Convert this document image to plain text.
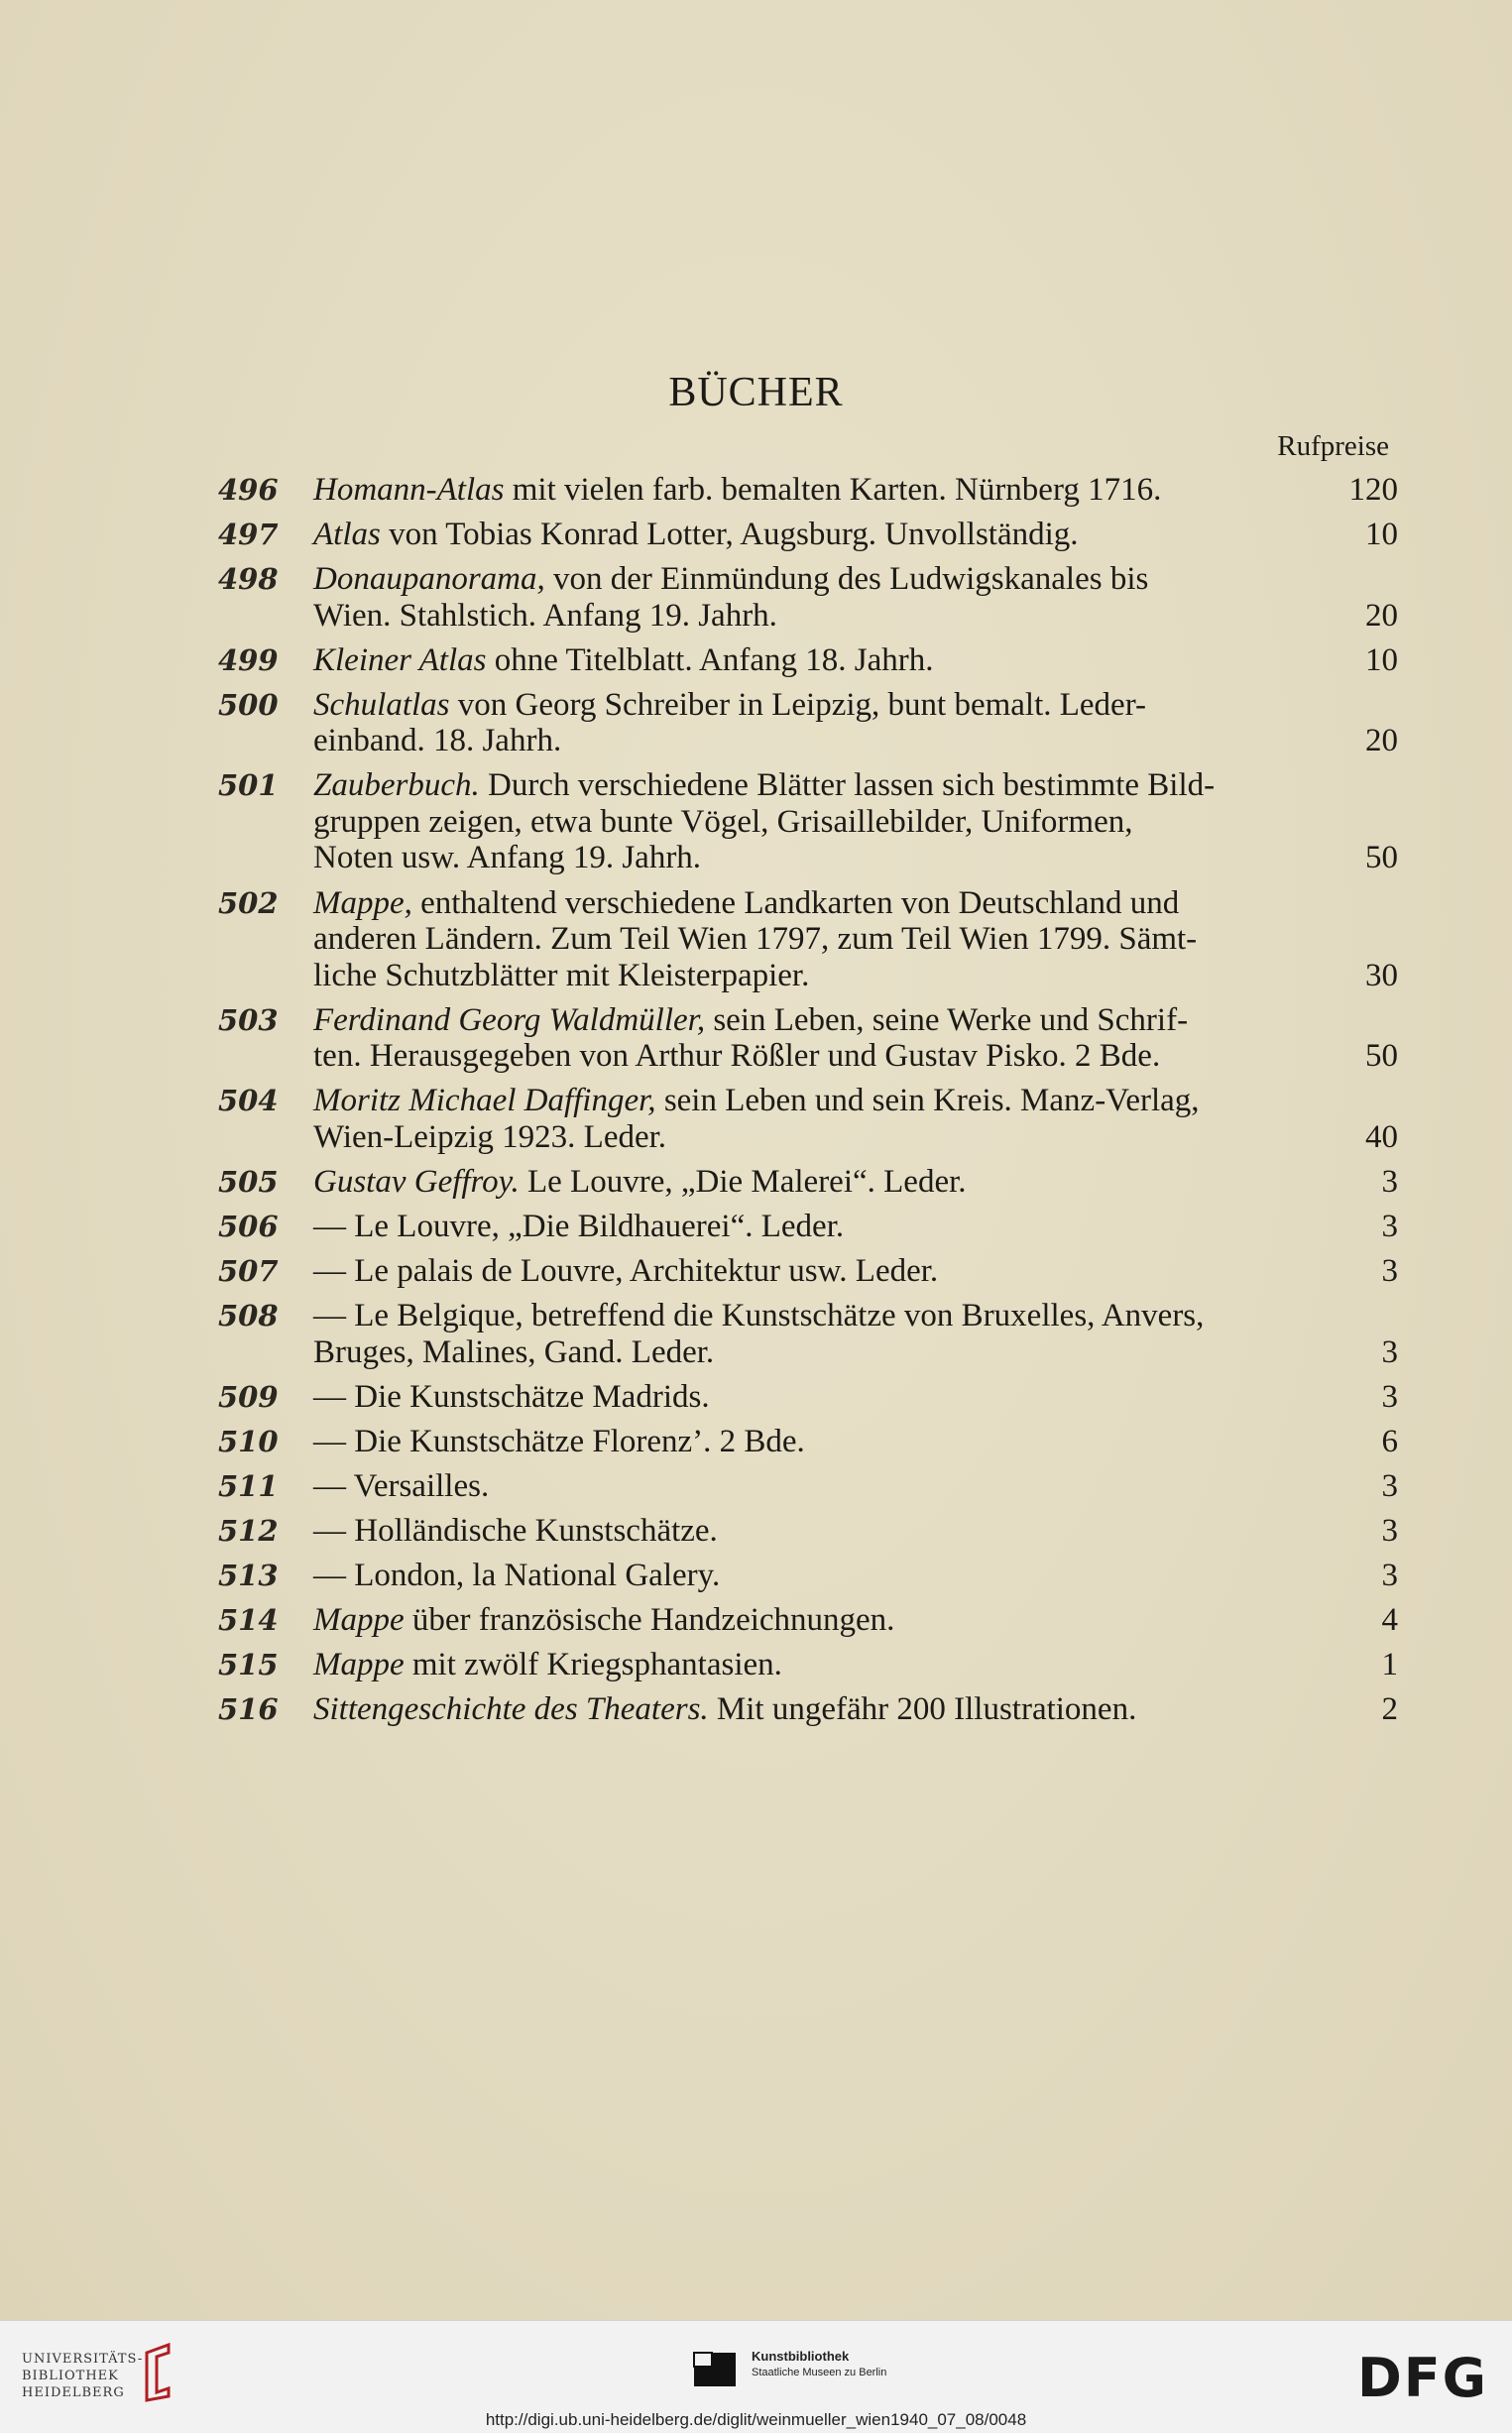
BÜCHER
Rufpreise
496 Homann-Atlas mit vielen farb. bemalten Karten. Nürnberg 1716.	120
497 Atlas von Tobias Konrad Lotter, Augsburg. Unvollständig.	10
498 Donaupanorama, von der Einmündung des Ludwigskanales bis
Wien. Stahlstich. Anfang 19. Jahrh.	20
499 Kleiner Atlas ohne Titelblatt. Anfang 18. Jahrh.	10
500 Schulatlas von Georg Schreiber in Leipzig, bunt bemalt. Leder-
einband. 18. Jahrh.	20
501 Zauberbuch. Durch verschiedene Blätter lassen sich bestimmte Bild-
gruppen zeigen, etwa bunte Vögel, Grisaillebilder, Uniformen,
Noten usw. Anfang 19. Jahrh.	50
502 Mappe, enthaltend verschiedene Landkarten von Deutschland und
anderen Ländern. Zum Teil Wien 1797, zum Teil Wien 1799. Sämt-
liche Schutzblätter mit Kleisterpapier.	30
503 Ferdinand Georg Waldmüller, sein Leben, seine Werke und Schrif-
ten. Herausgegeben von Arthur Rößler und Gustav Pisko. 2 Bde.	50
504 Moritz Michael Daffinger, sein Leben und sein Kreis. Manz-Verlag,
Wien-Leipzig 1923. Leder.	40
505 Gustav Geffroy. Le Louvre, „Die Malerei“. Leder.	3
506 — Le Louvre, „Die Bildhauerei“. Leder.	3
507 — Le palais de Louvre, Architektur usw. Leder.	3
508 — Le Belgique, betreffend die Kunstschätze von Bruxelles, Anvers,
Bruges, Malines, Gand. Leder.	3
509 — Die Kunstschätze Madrids.	3
510 — Die Kunstschätze Florenz’. 2 Bde.	6
511 — Versailles.	3
512 — Holländische Kunstschätze.	3
513 — London, la National Galery.	3
514 Mappe über französische Handzeichnungen.	4
515 Mappe mit zwölf Kriegsphantasien.	1
516 Sittengeschichte des Theaters. Mit ungefähr 200 Illustrationen.	2
UNIVERSITÄTS-
BIBLIOTHEK
HEIDELBERG
Kunstbibliothek
Staatliche Museen zu Berlin	DFG
http://digi.ub.uni-heidelberg.de/diglit/weinmueller_wien1940_07_08/0048
